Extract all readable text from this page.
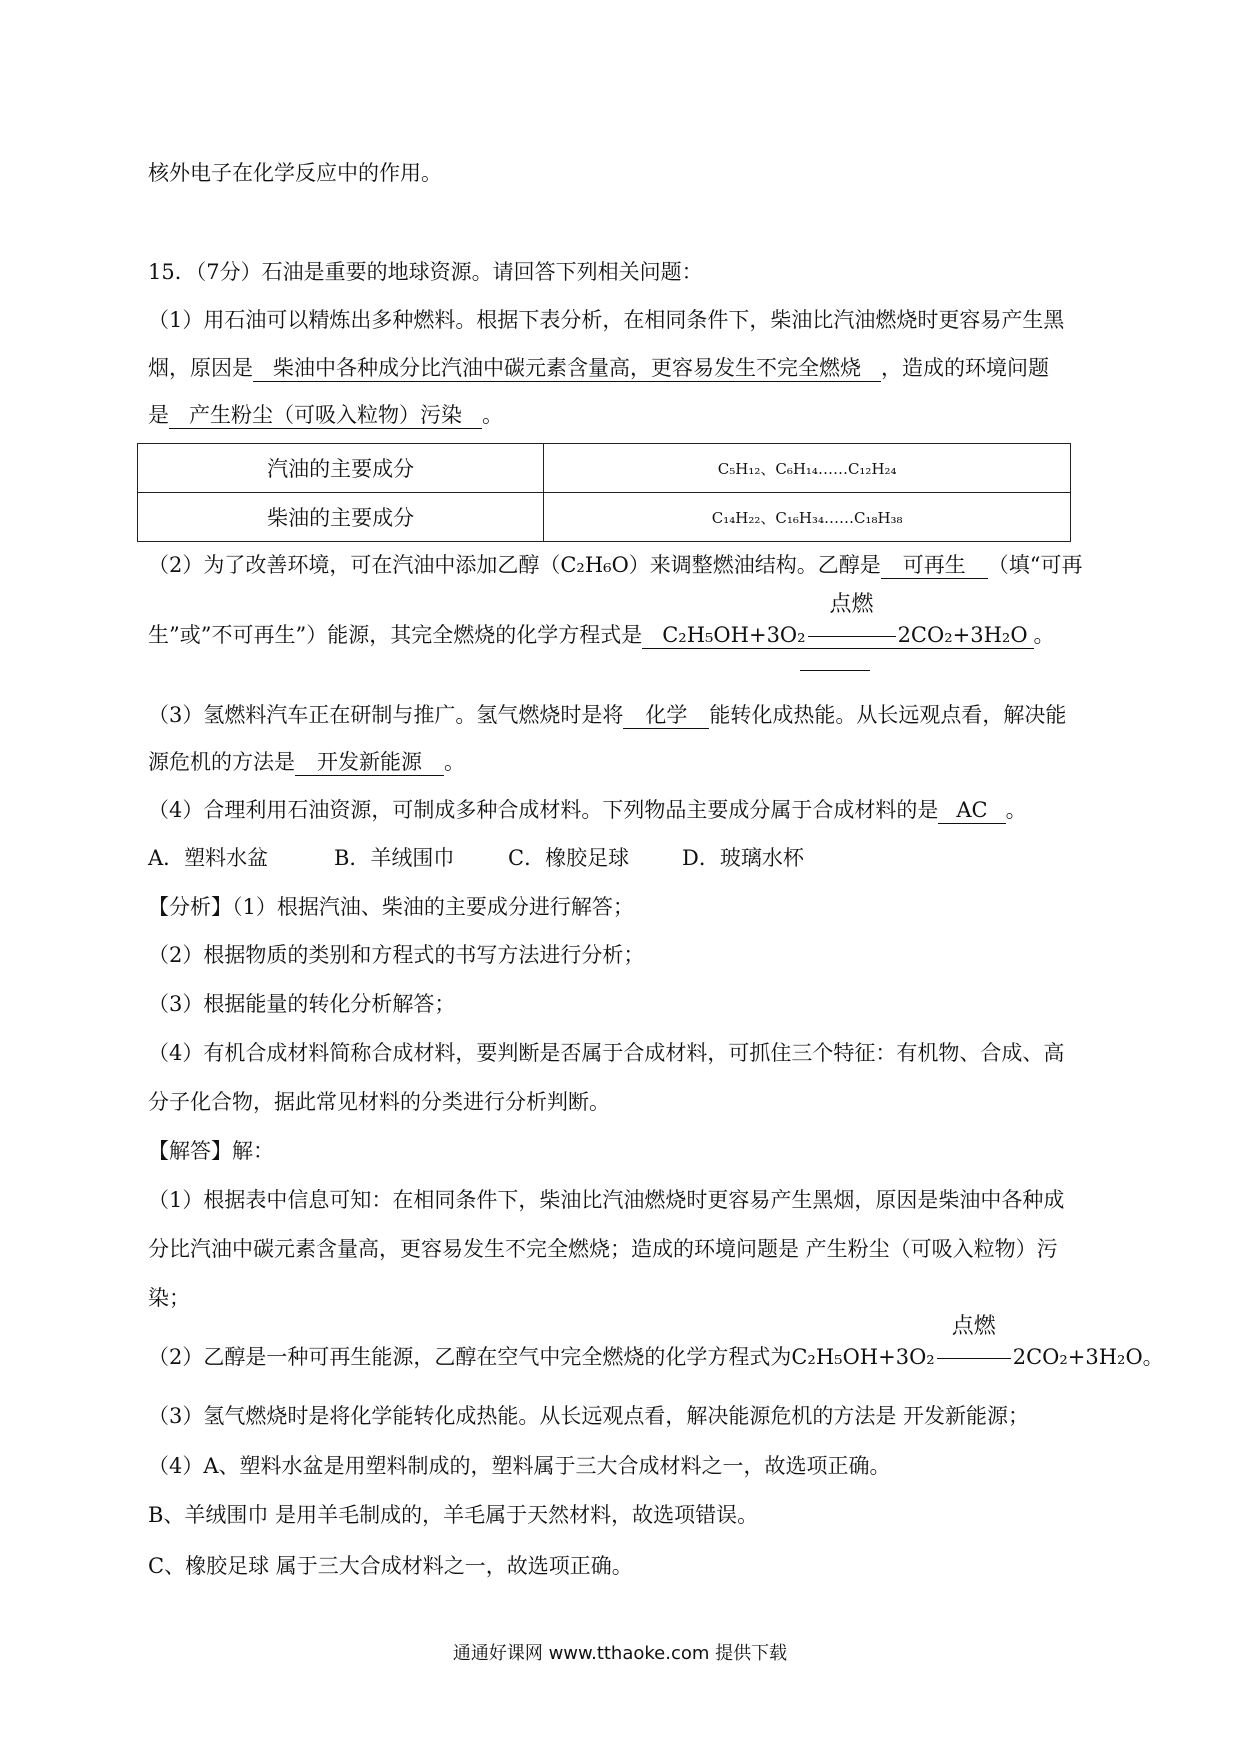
核外电子在化学反应中的作用。
15．（7分）石油是重要的地球资源。请回答下列相关问题：
（1）用石油可以精炼出多种燃料。根据下表分析，在相同条件下，柴油比汽油燃烧时更容易产生黑
烟，原因是 柴油中各种成分比汽油中碳元素含量高，更容易发生不完全燃烧 ，造成的环境问题
是 产生粉尘（可吸入粒物）污染 。
汽油的主要成分	C₅H₁₂、C₆H₁₄……C₁₂H₂₄
柴油的主要成分	C₁₄H₂₂、C₁₆H₃₄……C₁₈H₃₈
（2）为了改善环境，可在汽油中添加乙醇（C₂H₆O）来调整燃油结构。乙醇是 可再生 （填“可再
生”或”不可再生”）能源，其完全燃烧的化学方程式是 C₂H₅OH+3O₂
点燃
2CO₂+3H₂O 。
（3）氢燃料汽车正在研制与推广。氢气燃烧时是将 化学 能转化成热能。从长远观点看，解决能
源危机的方法是 开发新能源 。
（4）合理利用石油资源，可制成多种合成材料。下列物品主要成分属于合成材料的是 AC 。
A．塑料水盆	B．羊绒围巾	C．橡胶足球	D．玻璃水杯
【分析】（1）根据汽油、柴油的主要成分进行解答；
（2）根据物质的类别和方程式的书写方法进行分析；
（3）根据能量的转化分析解答；
（4）有机合成材料简称合成材料，要判断是否属于合成材料，可抓住三个特征：有机物、合成、高
分子化合物，据此常见材料的分类进行分析判断。
【解答】解：
（1）根据表中信息可知：在相同条件下，柴油比汽油燃烧时更容易产生黑烟，原因是柴油中各种成
分比汽油中碳元素含量高，更容易发生不完全燃烧；造成的环境问题是 产生粉尘（可吸入粒物）污
染；
（2）乙醇是一种可再生能源，乙醇在空气中完全燃烧的化学方程式为C₂H₅OH+3O₂
点燃
2CO₂+3H₂O。
（3）氢气燃烧时是将化学能转化成热能。从长远观点看，解决能源危机的方法是 开发新能源；
（4）A、塑料水盆是用塑料制成的，塑料属于三大合成材料之一，故选项正确。
B、羊绒围巾 是用羊毛制成的，羊毛属于天然材料，故选项错误。
C、橡胶足球 属于三大合成材料之一，故选项正确。
通通好课网 www.tthaoke.com 提供下载
